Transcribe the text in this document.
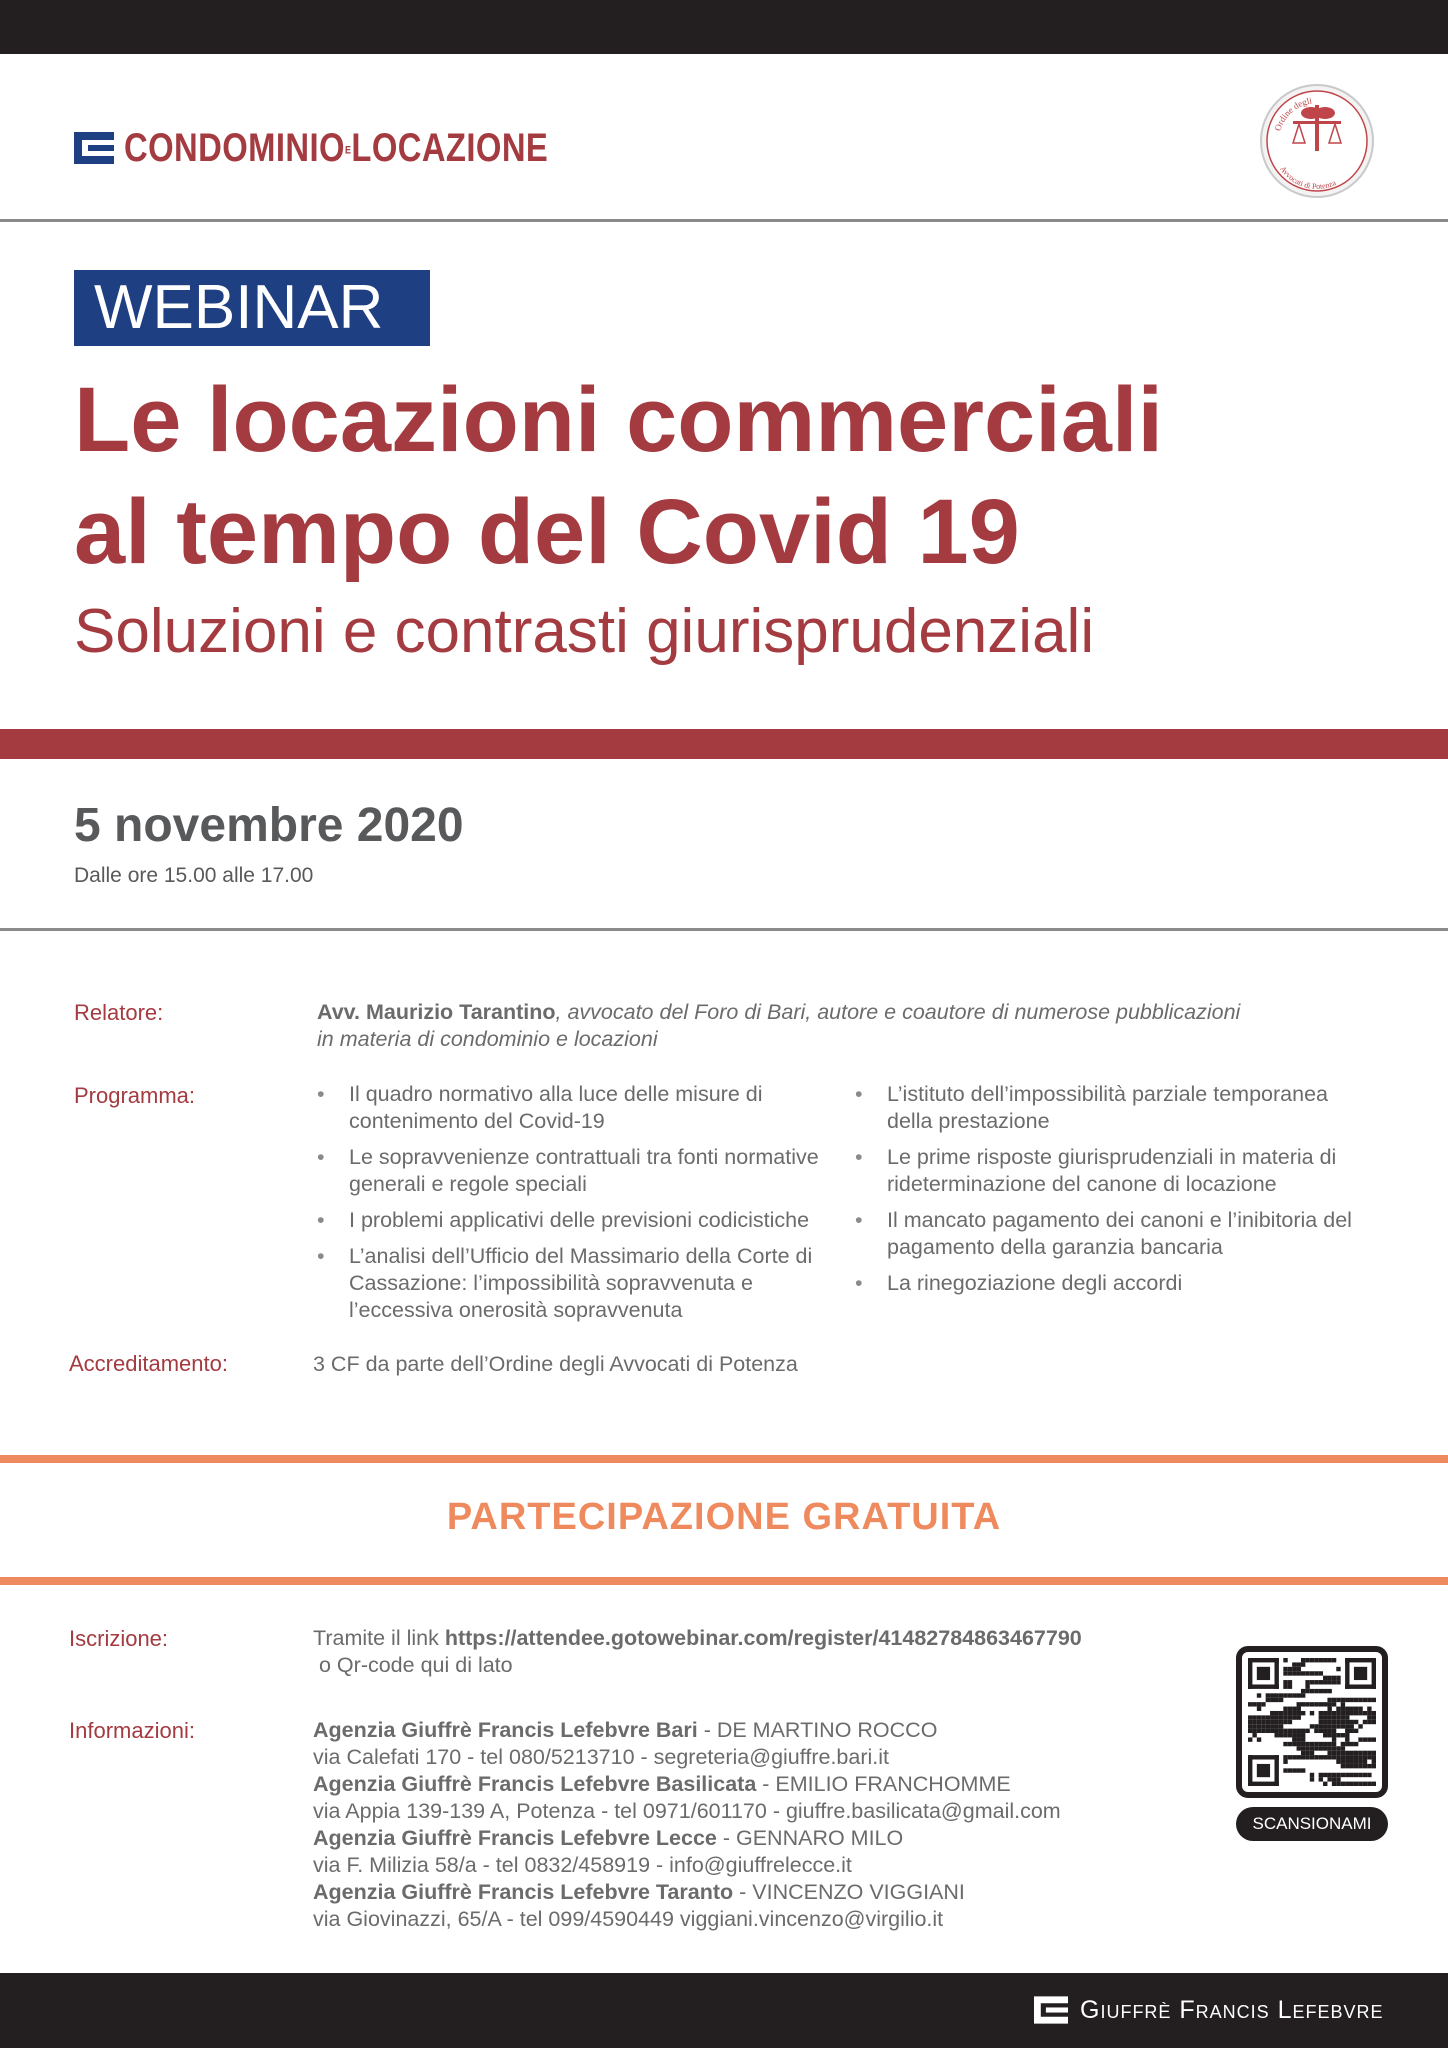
CONDOMINIOELOCAZIONE	Ordine degli
Avvocati di Potenza
WEBINAR
Le locazioni commerciali
al tempo del Covid 19
Soluzioni e contrasti giurisprudenziali
5 novembre 2020
Dalle ore 15.00 alle 17.00
Relatore:	Avv. Maurizio Tarantino, avvocato del Foro di Bari, autore e coautore di numerose pubblicazioni
in materia di condominio e locazioni
Programma:
•	Il quadro normativo alla luce delle misure di contenimento del Covid-19
• Le sopravvenienze contrattuali tra fonti normative generali e regole speciali
• I problemi applicativi delle previsioni codicistiche
• L’analisi dell’Ufficio del Massimario della Corte di Cassazione: l’impossibilità sopravvenuta e l’eccessiva onerosità sopravvenuta
• L’istituto dell’impossibilità parziale temporanea della prestazione
• Le prime risposte giurisprudenziali in materia di rideterminazione del canone di locazione
• Il mancato pagamento dei canoni e l’inibitoria del pagamento della garanzia bancaria
• La rinegoziazione degli accordi
Accreditamento:	3 CF da parte dell’Ordine degli Avvocati di Potenza
PARTECIPAZIONE GRATUITA
Iscrizione:	Tramite il link https://attendee.gotowebinar.com/register/4148278486346779​0
o Qr-code qui di lato
Informazioni:	Agenzia Giuffrè Francis Lefebvre Bari - DE MARTINO ROCCO
via Calefati 170 - tel 080/5213710 - segreteria@giuffre.bari.it
Agenzia Giuffrè Francis Lefebvre Basilicata - EMILIO FRANCHOMME
via Appia 139-139 A, Potenza - tel 0971/601170 - giuffre.basilicata@gmail.com
Agenzia Giuffrè Francis Lefebvre Lecce - GENNARO MILO
via F. Milizia 58/a - tel 0832/458919 - info@giuffrelecce.it
Agenzia Giuffrè Francis Lefebvre Taranto - VINCENZO VIGGIANI
via Giovinazzi, 65/A - tel 099/4590449 viggiani.vincenzo@virgilio.it
SCANSIONAMI
Giuffrè Francis Lefebvre
